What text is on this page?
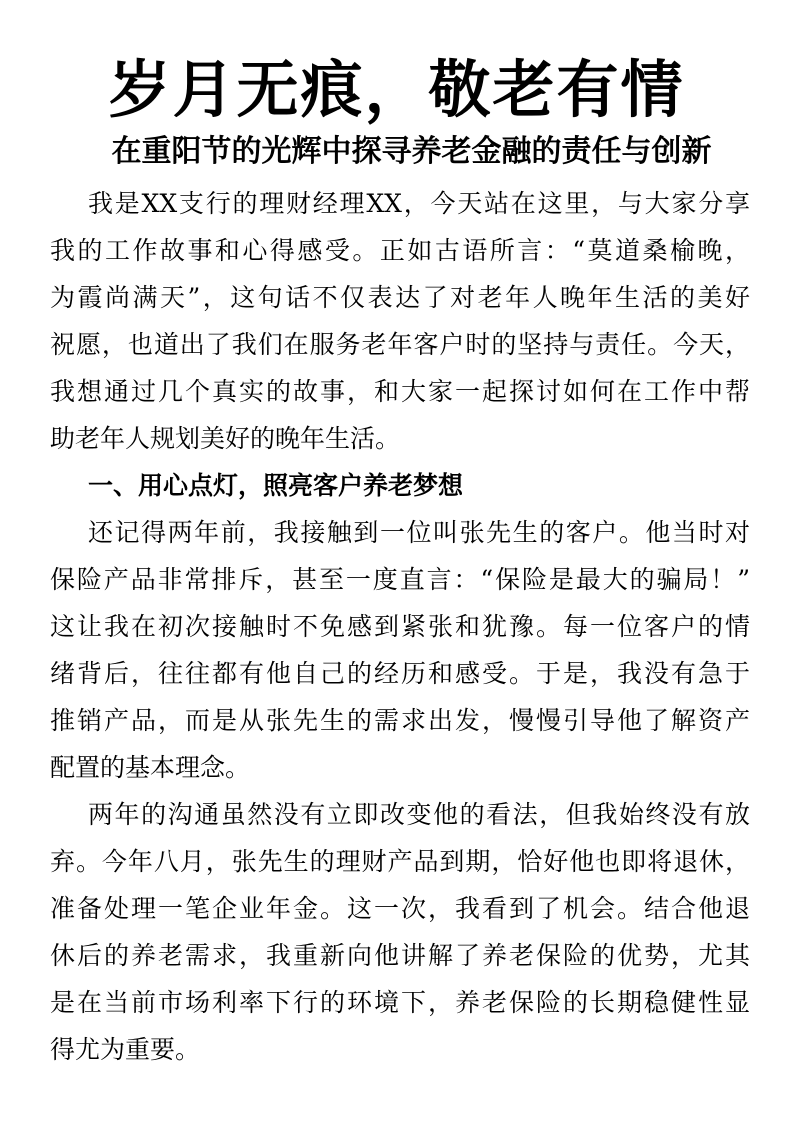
岁月无痕，敬老有情
在重阳节的光辉中探寻养老金融的责任与创新
我是XX支行的理财经理XX，今天站在这里，与大家分享
我的工作故事和心得感受。正如古语所言：“莫道桑榆晚，
为霞尚满天”，这句话不仅表达了对老年人晚年生活的美好
祝愿，也道出了我们在服务老年客户时的坚持与责任。今天，
我想通过几个真实的故事，和大家一起探讨如何在工作中帮
助老年人规划美好的晚年生活。
一、用心点灯，照亮客户养老梦想
还记得两年前，我接触到一位叫张先生的客户。他当时对
保险产品非常排斥，甚至一度直言：“保险是最大的骗局！”
这让我在初次接触时不免感到紧张和犹豫。每一位客户的情
绪背后，往往都有他自己的经历和感受。于是，我没有急于
推销产品，而是从张先生的需求出发，慢慢引导他了解资产
配置的基本理念。
两年的沟通虽然没有立即改变他的看法，但我始终没有放
弃。今年八月，张先生的理财产品到期，恰好他也即将退休，
准备处理一笔企业年金。这一次，我看到了机会。结合他退
休后的养老需求，我重新向他讲解了养老保险的优势，尤其
是在当前市场利率下行的环境下，养老保险的长期稳健性显
得尤为重要。
